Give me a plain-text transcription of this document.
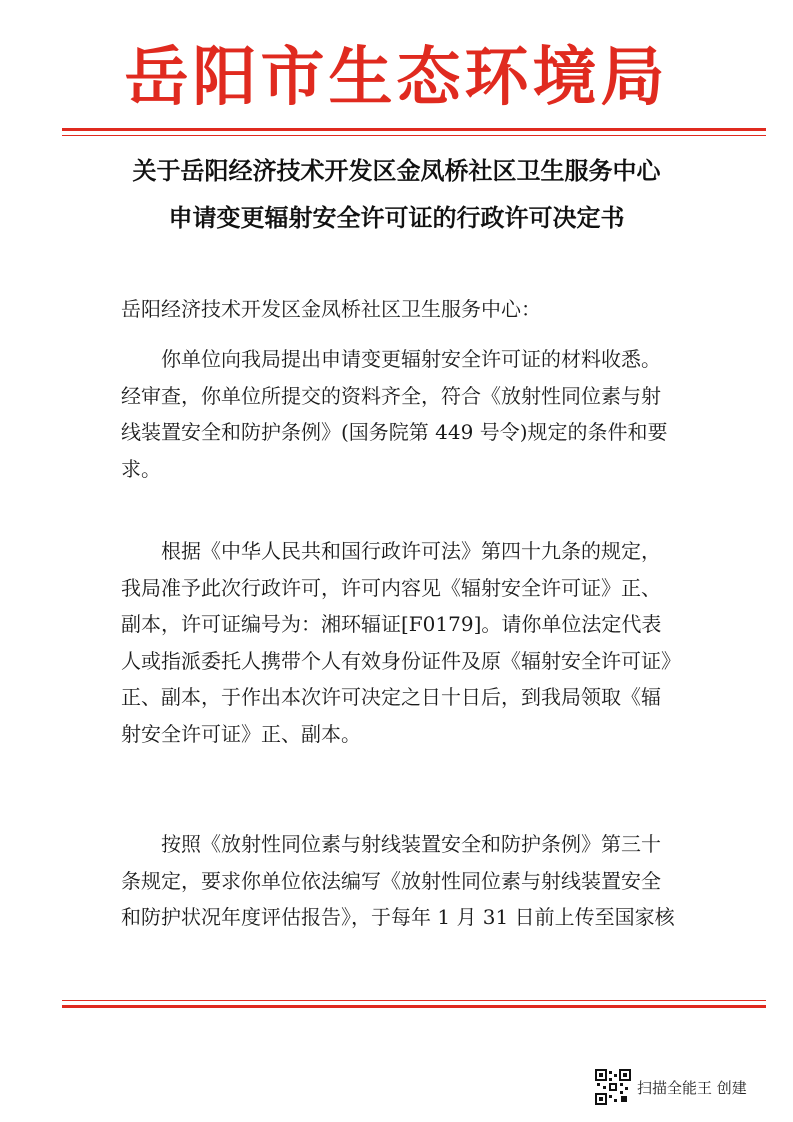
岳阳市生态环境局
关于岳阳经济技术开发区金凤桥社区卫生服务中心
申请变更辐射安全许可证的行政许可决定书
岳阳经济技术开发区金凤桥社区卫生服务中心：
你单位向我局提出申请变更辐射安全许可证的材料收悉。
经审查，你单位所提交的资料齐全，符合《放射性同位素与射
线装置安全和防护条例》(国务院第 449 号令)规定的条件和要
求。
根据《中华人民共和国行政许可法》第四十九条的规定，
我局准予此次行政许可，许可内容见《辐射安全许可证》正、
副本，许可证编号为：湘环辐证[F0179]。请你单位法定代表
人或指派委托人携带个人有效身份证件及原《辐射安全许可证》
正、副本，于作出本次许可决定之日十日后，到我局领取《辐
射安全许可证》正、副本。
按照《放射性同位素与射线装置安全和防护条例》第三十
条规定，要求你单位依法编写《放射性同位素与射线装置安全
和防护状况年度评估报告》，于每年 1 月 31 日前上传至国家核
扫描全能王 创建
